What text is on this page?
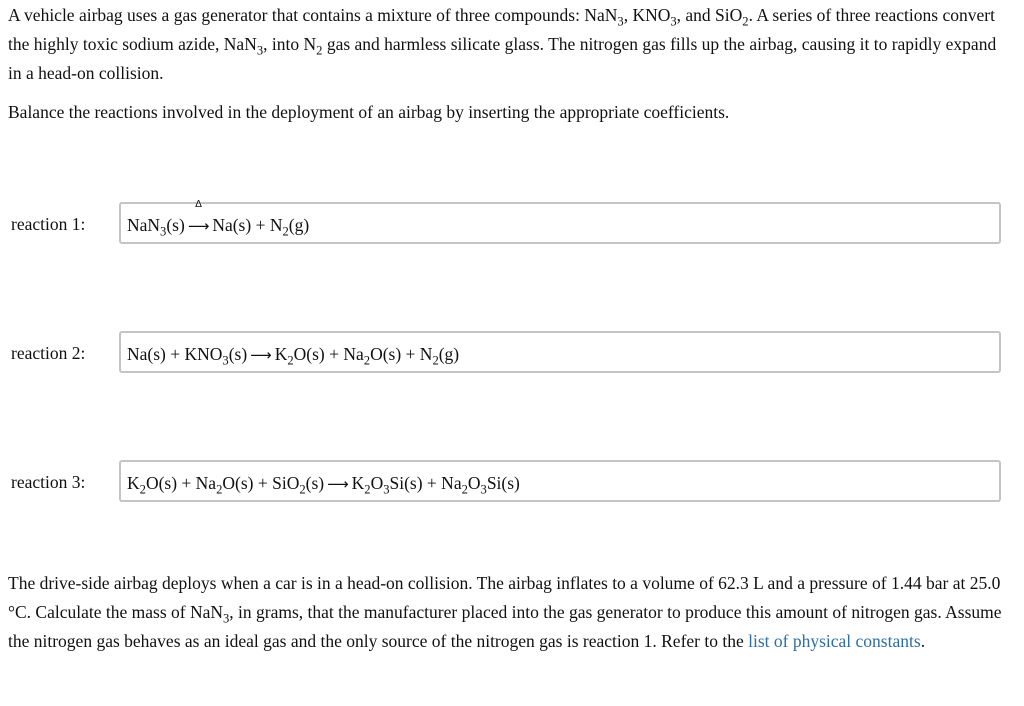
A vehicle airbag uses a gas generator that contains a mixture of three compounds: NaN$_3$, $KNO_3$, and SiO$_2$. A series of three reactions convert the highly toxic sodium azide, NaN$_3$, into $N_2$ gas and harmless silicate glass. The nitrogen gas fills up the airbag, causing it to rapidly expand in a head-on collision.

Balance the reactions involved in the deployment of an airbag by inserting the appropriate coefficients.

reaction 1: NaN$_3$(s)
Δ
⟶ $Na(s) + N_2(g)$
reaction 2: $Na(s) + KNO_3(s)$ ⟶ $K_2O(s) + Na_2O(s) + N_2(g)$
reaction 3: $K_2O(s) + Na_2O(s) + SiO_2(s)$ ⟶ $K_2O_3Si(s) + Na_2O_3Si(s)$

The drive-side airbag deploys when a car is in a head-on collision. The airbag inflates to a volume of 62.3 L and a pressure of 1.44 bar at 25.0 °C. Calculate the mass of NaN$_3$, in grams, that the manufacturer placed into the gas generator to produce this amount of nitrogen gas. Assume the nitrogen gas behaves as an ideal gas and the only source of the nitrogen gas is reaction 1. Refer to the list of physical constants.
